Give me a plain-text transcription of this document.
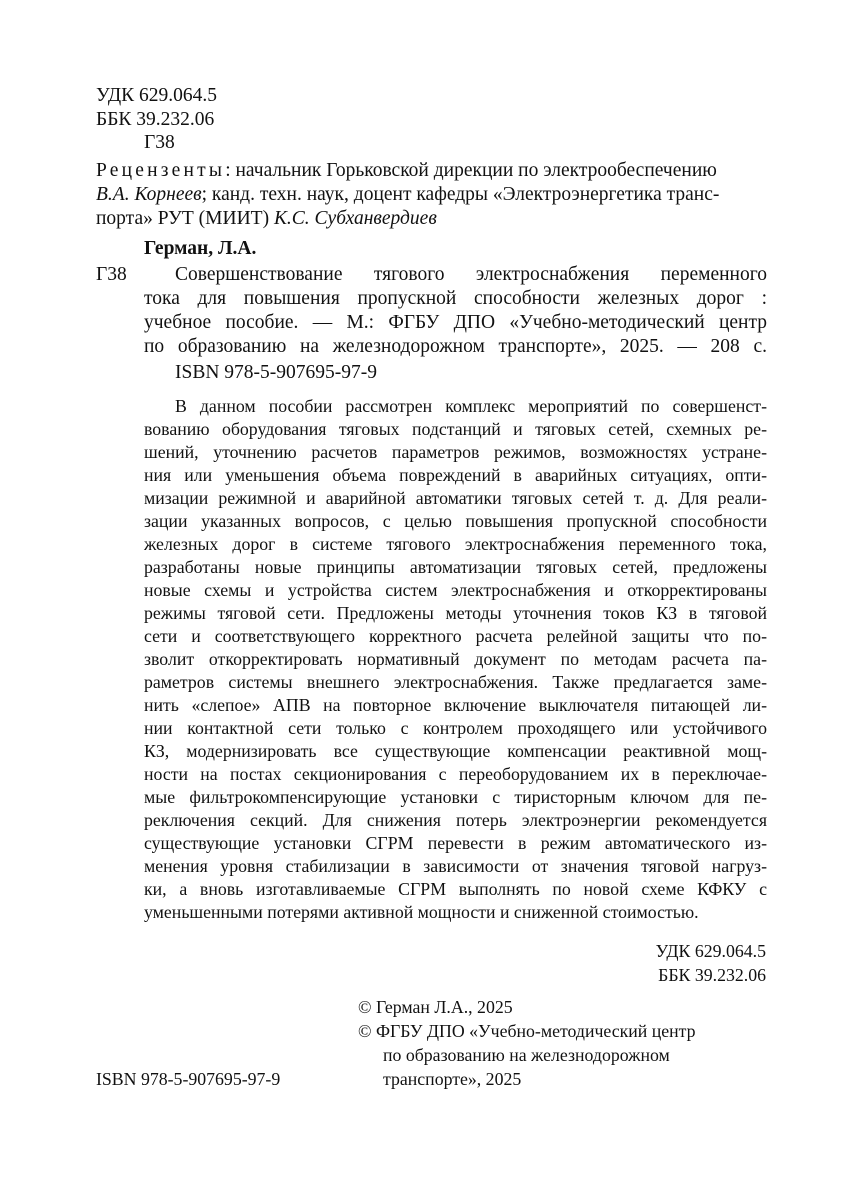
УДК 629.064.5
ББК 39.232.06
Г38
Рецензенты: начальник Горьковской дирекции по электрообеспечению
В.А. Корнеев; канд. техн. наук, доцент кафедры «Электроэнергетика транс-
порта» РУТ (МИИТ) К.С. Субханвердиев
Герман, Л.А.
Г38 Совершенствование тягового электроснабжения переменного
тока для повышения пропускной способности железных дорог :
учебное пособие. — М.: ФГБУ ДПО «Учебно-методический центр
по образованию на железнодорожном транспорте», 2025. — 208 с.
ISBN 978-5-907695-97-9
В данном пособии рассмотрен комплекс мероприятий по совершенст-
вованию оборудования тяговых подстанций и тяговых сетей, схемных ре-
шений, уточнению расчетов параметров режимов, возможностях устране-
ния или уменьшения объема повреждений в аварийных ситуациях, опти-
мизации режимной и аварийной автоматики тяговых сетей т. д. Для реали-
зации указанных вопросов, с целью повышения пропускной способности
железных дорог в системе тягового электроснабжения переменного тока,
разработаны новые принципы автоматизации тяговых сетей, предложены
новые схемы и устройства систем электроснабжения и откорректированы
режимы тяговой сети. Предложены методы уточнения токов КЗ в тяговой
сети и соответствующего корректного расчета релейной защиты что по-
зволит откорректировать нормативный документ по методам расчета па-
раметров системы внешнего электроснабжения. Также предлагается заме-
нить «слепое» АПВ на повторное включение выключателя питающей ли-
нии контактной сети только с контролем проходящего или устойчивого
КЗ, модернизировать все существующие компенсации реактивной мощ-
ности на постах секционирования с переоборудованием их в переключае-
мые фильтрокомпенсирующие установки с тиристорным ключом для пе-
реключения секций. Для снижения потерь электроэнергии рекомендуется
существующие установки СГРМ перевести в режим автоматического из-
менения уровня стабилизации в зависимости от значения тяговой нагруз-
ки, а вновь изготавливаемые СГРМ выполнять по новой схеме КФКУ с
уменьшенными потерями активной мощности и сниженной стоимостью.
УДК 629.064.5
ББК 39.232.06
© Герман Л.А., 2025
© ФГБУ ДПО «Учебно-методический центр
по образованию на железнодорожном
транспорте», 2025
ISBN 978-5-907695-97-9
